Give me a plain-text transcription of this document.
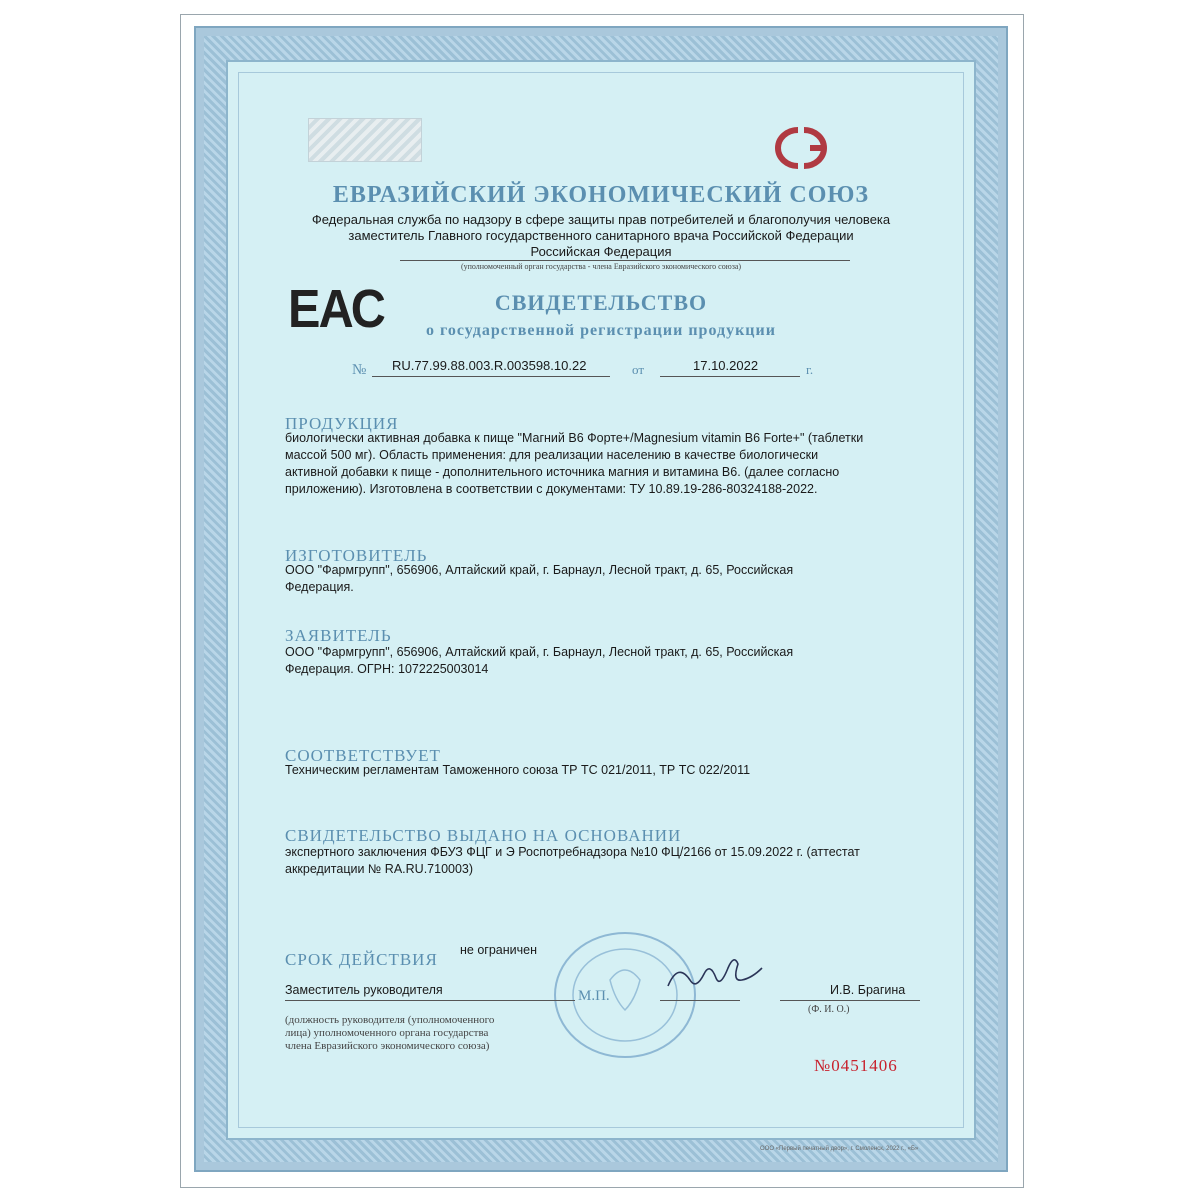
ЕВРАЗИЙСКИЙ ЭКОНОМИЧЕСКИЙ СОЮЗ
Федеральная служба по надзору в сфере защиты прав потребителей и благополучия человека
заместитель Главного государственного санитарного врача Российской Федерации
Российская Федерация
(уполномоченный орган государства - члена Евразийского экономического союза)
ЕАС	СВИДЕТЕЛЬСТВО
о государственной регистрации продукции
№ RU.77.99.88.003.R.003598.10.22	от	17.10.2022	г.
ПРОДУКЦИЯ
биологически активная добавка к пище "Магний В6 Форте+/Magnesium vitamin B6 Forte+" (таблетки
массой 500 мг). Область применения: для реализации населению в качестве биологически
активной добавки к пище - дополнительного источника магния и витамина В6. (далее согласно
приложению). Изготовлена в соответствии с документами: ТУ 10.89.19-286-80324188-2022.
ИЗГОТОВИТЕЛЬ
ООО "Фармгрупп", 656906, Алтайский край, г. Барнаул, Лесной тракт, д. 65, Российская
Федерация.
ЗАЯВИТЕЛЬ
ООО "Фармгрупп", 656906, Алтайский край, г. Барнаул, Лесной тракт, д. 65, Российская
Федерация. ОГРН: 1072225003014
СООТВЕТСТВУЕТ
Техническим регламентам Таможенного союза ТР ТС 021/2011, ТР ТС 022/2011
СВИДЕТЕЛЬСТВО ВЫДАНО НА ОСНОВАНИИ
экспертного заключения ФБУЗ ФЦГ и Э Роспотребнадзора №10 ФЦ/2166 от 15.09.2022 г. (аттестат
аккредитации № RA.RU.710003)
СРОК ДЕЙСТВИЯ не ограничен
Заместитель руководителя	М.П.	И.В. Брагина
(должность руководителя (уполномоченного
лица) уполномоченного органа государства
члена Евразийского экономического союза)
(Ф. И. О.)
№0451406
ООО «Первый печатный двор», г. Смоленск, 2022 г., «Б»
